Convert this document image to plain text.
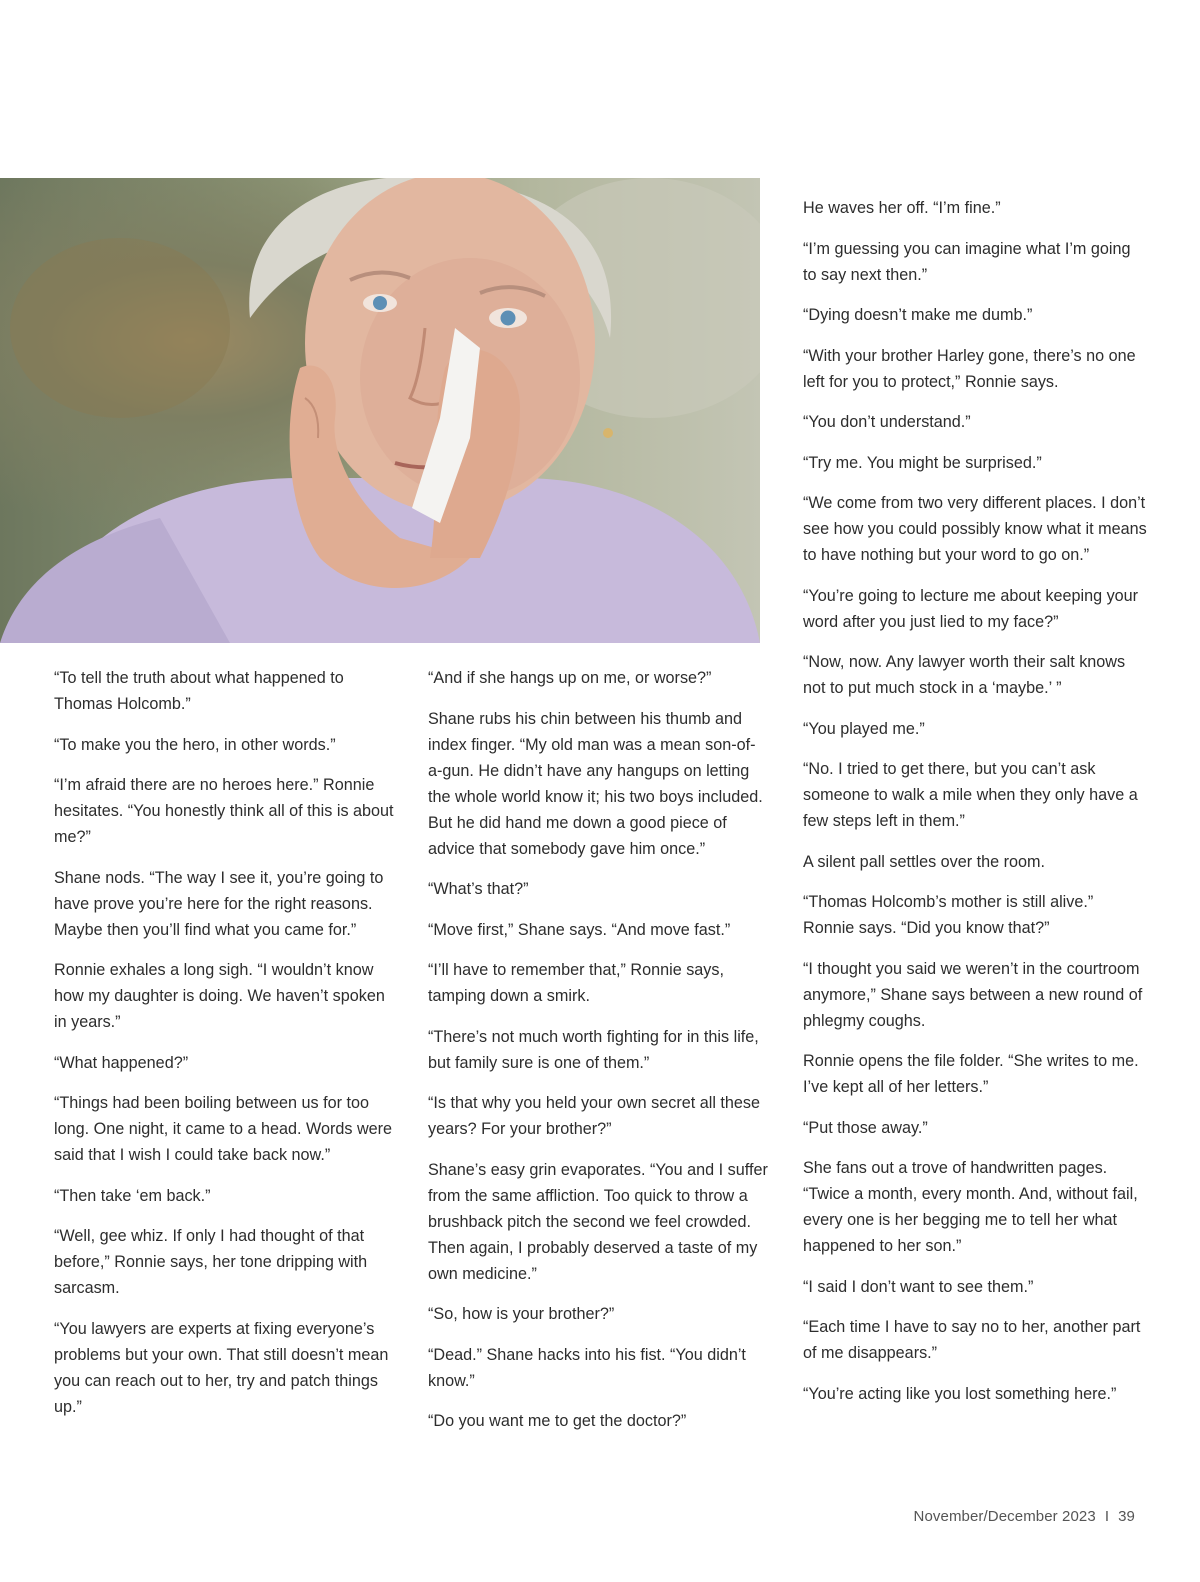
“To tell the truth about what happened to Thomas Holcomb.”

“To make you the hero, in other words.”

“I’m afraid there are no heroes here.” Ronnie hesitates. “You honestly think all of this is about me?”

Shane nods. “The way I see it, you’re going to have prove you’re here for the right reasons. Maybe then you’ll find what you came for.”

Ronnie exhales a long sigh. “I wouldn’t know how my daughter is doing. We haven’t spoken in years.”

“What happened?”

“Things had been boiling between us for too long. One night, it came to a head. Words were said that I wish I could take back now.”

“Then take ‘em back.”

“Well, gee whiz. If only I had thought of that before,” Ronnie says, her tone dripping with sarcasm.

“You lawyers are experts at fixing everyone’s problems but your own. That still doesn’t mean you can reach out to her, try and patch things up.”

“And if she hangs up on me, or worse?”

Shane rubs his chin between his thumb and index finger. “My old man was a mean son-of-a-gun. He didn’t have any hangups on letting the whole world know it; his two boys included. But he did hand me down a good piece of advice that somebody gave him once.”

“What’s that?”

“Move first,” Shane says. “And move fast.”

“I’ll have to remember that,” Ronnie says, tamping down a smirk.

“There’s not much worth fighting for in this life, but family sure is one of them.”

“Is that why you held your own secret all these years? For your brother?”

Shane’s easy grin evaporates. “You and I suffer from the same affliction. Too quick to throw a brushback pitch the second we feel crowded. Then again, I probably deserved a taste of my own medicine.”

“So, how is your brother?”

“Dead.” Shane hacks into his fist. “You didn’t know.”

“Do you want me to get the doctor?”

He waves her off. “I’m fine.”

“I’m guessing you can imagine what I’m going to say next then.”

“Dying doesn’t make me dumb.”

“With your brother Harley gone, there’s no one left for you to protect,” Ronnie says.

“You don’t understand.”

“Try me. You might be surprised.”

“We come from two very different places. I don’t see how you could possibly know what it means to have nothing but your word to go on.”

“You’re going to lecture me about keeping your word after you just lied to my face?”

“Now, now. Any lawyer worth their salt knows not to put much stock in a ‘maybe.’ ”

“You played me.”

“No. I tried to get there, but you can’t ask someone to walk a mile when they only have a few steps left in them.”

A silent pall settles over the room.

“Thomas Holcomb’s mother is still alive.” Ronnie says. “Did you know that?”

“I thought you said we weren’t in the courtroom anymore,” Shane says between a new round of phlegmy coughs.

Ronnie opens the file folder. “She writes to me. I’ve kept all of her letters.”

“Put those away.”

She fans out a trove of handwritten pages. “Twice a month, every month. And, without fail, every one is her begging me to tell her what happened to her son.”

“I said I don’t want to see them.”

“Each time I have to say no to her, another part of me disappears.”

“You’re acting like you lost something here.”

November/December 2023 I 39
